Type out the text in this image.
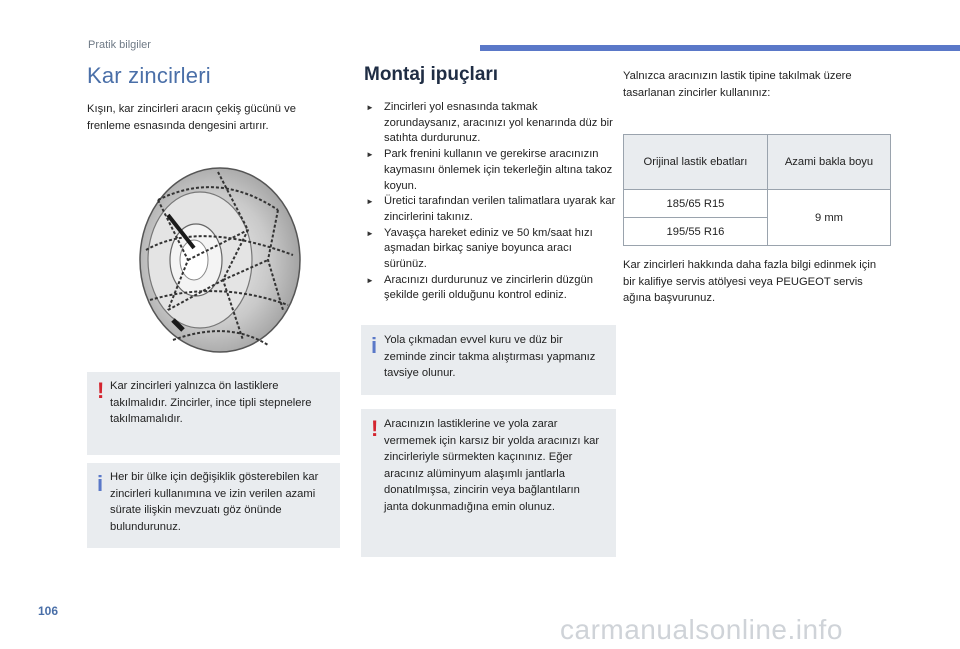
Pratik bilgiler
Kar zincirleri
Kışın, kar zincirleri aracın çekiş gücünü ve frenleme esnasında dengesini artırır.
! Kar zincirleri yalnızca ön lastiklere takılmalıdır. Zincirler, ince tipli stepnelere takılmamalıdır.
i Her bir ülke için değişiklik gösterebilen kar zincirleri kullanımına ve izin verilen azami sürate ilişkin mevzuatı göz önünde bulundurunuz.
Montaj ipuçları
► Zincirleri yol esnasında takmak zorundaysanız, aracınızı yol kenarında düz bir satıhta durdurunuz.
► Park frenini kullanın ve gerekirse aracınızın kaymasını önlemek için tekerleğin altına takoz koyun.
► Üretici tarafından verilen talimatlara uyarak kar zincirlerini takınız.
► Yavaşça hareket ediniz ve 50 km/saat hızı aşmadan birkaç saniye boyunca aracı sürünüz.
► Aracınızı durdurunuz ve zincirlerin düzgün şekilde gerili olduğunu kontrol ediniz.
i Yola çıkmadan evvel kuru ve düz bir zeminde zincir takma alıştırması yapmanız tavsiye olunur.
! Aracınızın lastiklerine ve yola zarar vermemek için karsız bir yolda aracınızı kar zincirleriyle sürmekten kaçınınız. Eğer aracınız alüminyum alaşımlı jantlarla donatılmışsa, zincirin veya bağlantıların janta dokunmadığına emin olunuz.
Yalnızca aracınızın lastik tipine takılmak üzere tasarlanan zincirler kullanınız:
Orijinal lastik ebatları	Azami bakla boyu
185/65 R15	9 mm
195/55 R16	
Kar zincirleri hakkında daha fazla bilgi edinmek için bir kalifiye servis atölyesi veya PEUGEOT servis ağına başvurunuz.
106
carmanualsonline.info
